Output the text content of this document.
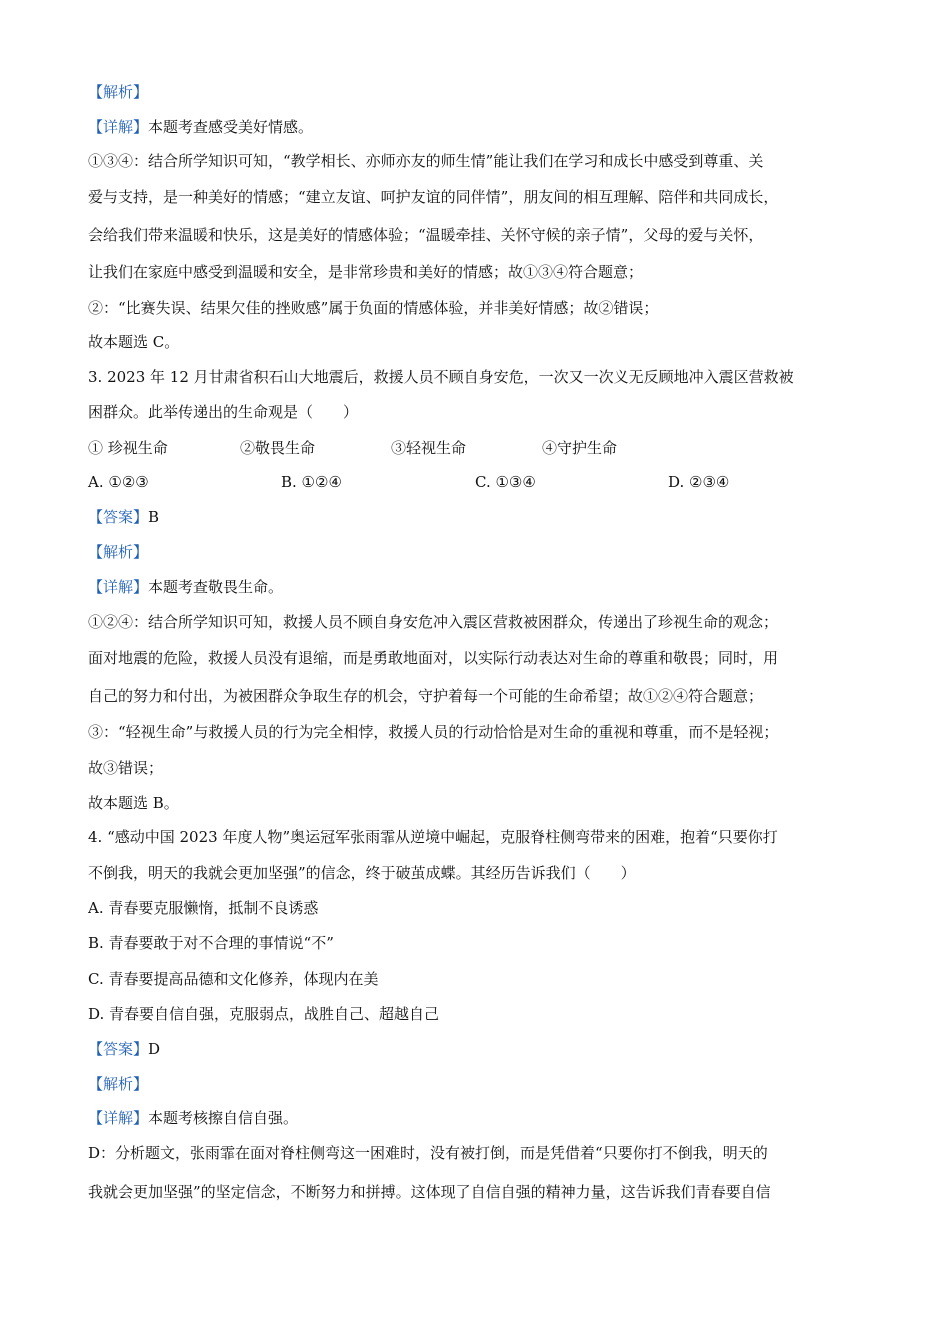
【解析】
【详解】本题考查感受美好情感。
①③④：结合所学知识可知，“教学相长、亦师亦友的师生情”能让我们在学习和成长中感受到尊重、关
爱与支持，是一种美好的情感；“建立友谊、呵护友谊的同伴情”，朋友间的相互理解、陪伴和共同成长，
会给我们带来温暖和快乐，这是美好的情感体验；“温暖牵挂、关怀守候的亲子情”，父母的爱与关怀，
让我们在家庭中感受到温暖和安全，是非常珍贵和美好的情感；故①③④符合题意；
②：“比赛失误、结果欠佳的挫败感”属于负面的情感体验，并非美好情感；故②错误；
故本题选 C。
3. 2023 年 12 月甘肃省积石山大地震后，救援人员不顾自身安危，一次又一次义无反顾地冲入震区营救被
困群众。此举传递出的生命观是（　　）
① 珍视生命	②敬畏生命	③轻视生命	④守护生命
A. ①②③	B. ①②④	C. ①③④	D. ②③④
【答案】B
【解析】
【详解】本题考查敬畏生命。
①②④：结合所学知识可知，救援人员不顾自身安危冲入震区营救被困群众，传递出了珍视生命的观念；
面对地震的危险，救援人员没有退缩，而是勇敢地面对，以实际行动表达对生命的尊重和敬畏；同时，用
自己的努力和付出，为被困群众争取生存的机会，守护着每一个可能的生命希望；故①②④符合题意；
③：“轻视生命”与救援人员的行为完全相悖，救援人员的行动恰恰是对生命的重视和尊重，而不是轻视；
故③错误；
故本题选 B。
4. “感动中国 2023 年度人物”奥运冠军张雨霏从逆境中崛起，克服脊柱侧弯带来的困难，抱着“只要你打
不倒我，明天的我就会更加坚强”的信念，终于破茧成蝶。其经历告诉我们（　　）
A. 青春要克服懒惰，抵制不良诱惑
B. 青春要敢于对不合理的事情说“不”
C. 青春要提高品德和文化修养，体现内在美
D. 青春要自信自强，克服弱点，战胜自己、超越自己
【答案】D
【解析】
【详解】本题考核擦自信自强。
D：分析题文，张雨霏在面对脊柱侧弯这一困难时，没有被打倒，而是凭借着“只要你打不倒我，明天的
我就会更加坚强”的坚定信念，不断努力和拼搏。这体现了自信自强的精神力量，这告诉我们青春要自信
